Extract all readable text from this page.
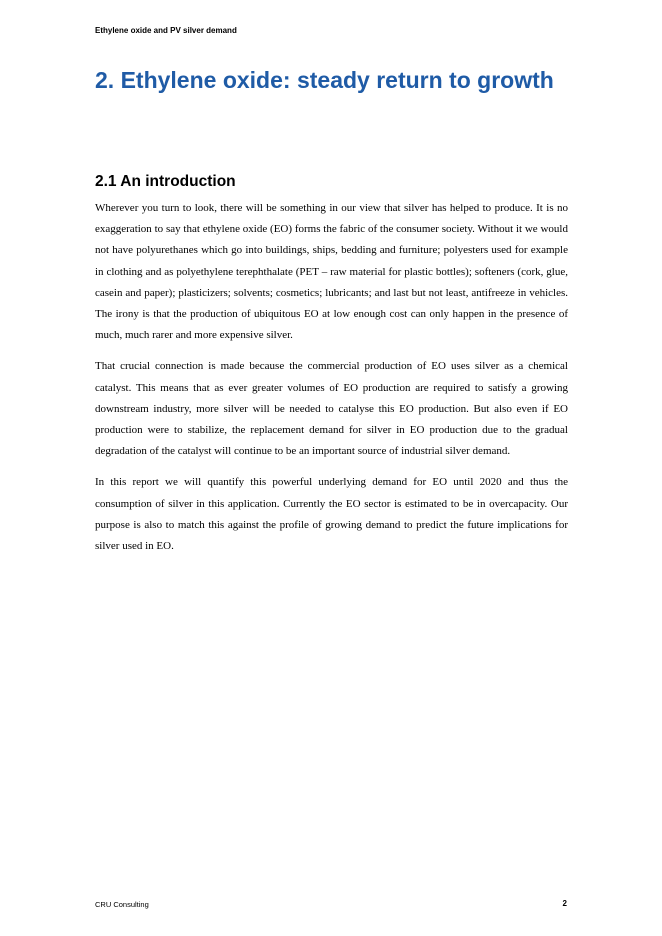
Ethylene oxide and PV silver demand
2. Ethylene oxide: steady return to growth
2.1 An introduction

Wherever you turn to look, there will be something in our view that silver has helped to produce. It is no exaggeration to say that ethylene oxide (EO) forms the fabric of the consumer society. Without it we would not have polyurethanes which go into buildings, ships, bedding and furniture; polyesters used for example in clothing and as polyethylene terephthalate (PET – raw material for plastic bottles); softeners (cork, glue, casein and paper); plasticizers; solvents; cosmetics; lubricants; and last but not least, antifreeze in vehicles. The irony is that the production of ubiquitous EO at low enough cost can only happen in the presence of much, much rarer and more expensive silver.

That crucial connection is made because the commercial production of EO uses silver as a chemical catalyst. This means that as ever greater volumes of EO production are required to satisfy a growing downstream industry, more silver will be needed to catalyse this EO production. But also even if EO production were to stabilize, the replacement demand for silver in EO production due to the gradual degradation of the catalyst will continue to be an important source of industrial silver demand.

In this report we will quantify this powerful underlying demand for EO until 2020 and thus the consumption of silver in this application. Currently the EO sector is estimated to be in overcapacity. Our purpose is also to match this against the profile of growing demand to predict the future implications for silver used in EO.

CRU Consulting	2
